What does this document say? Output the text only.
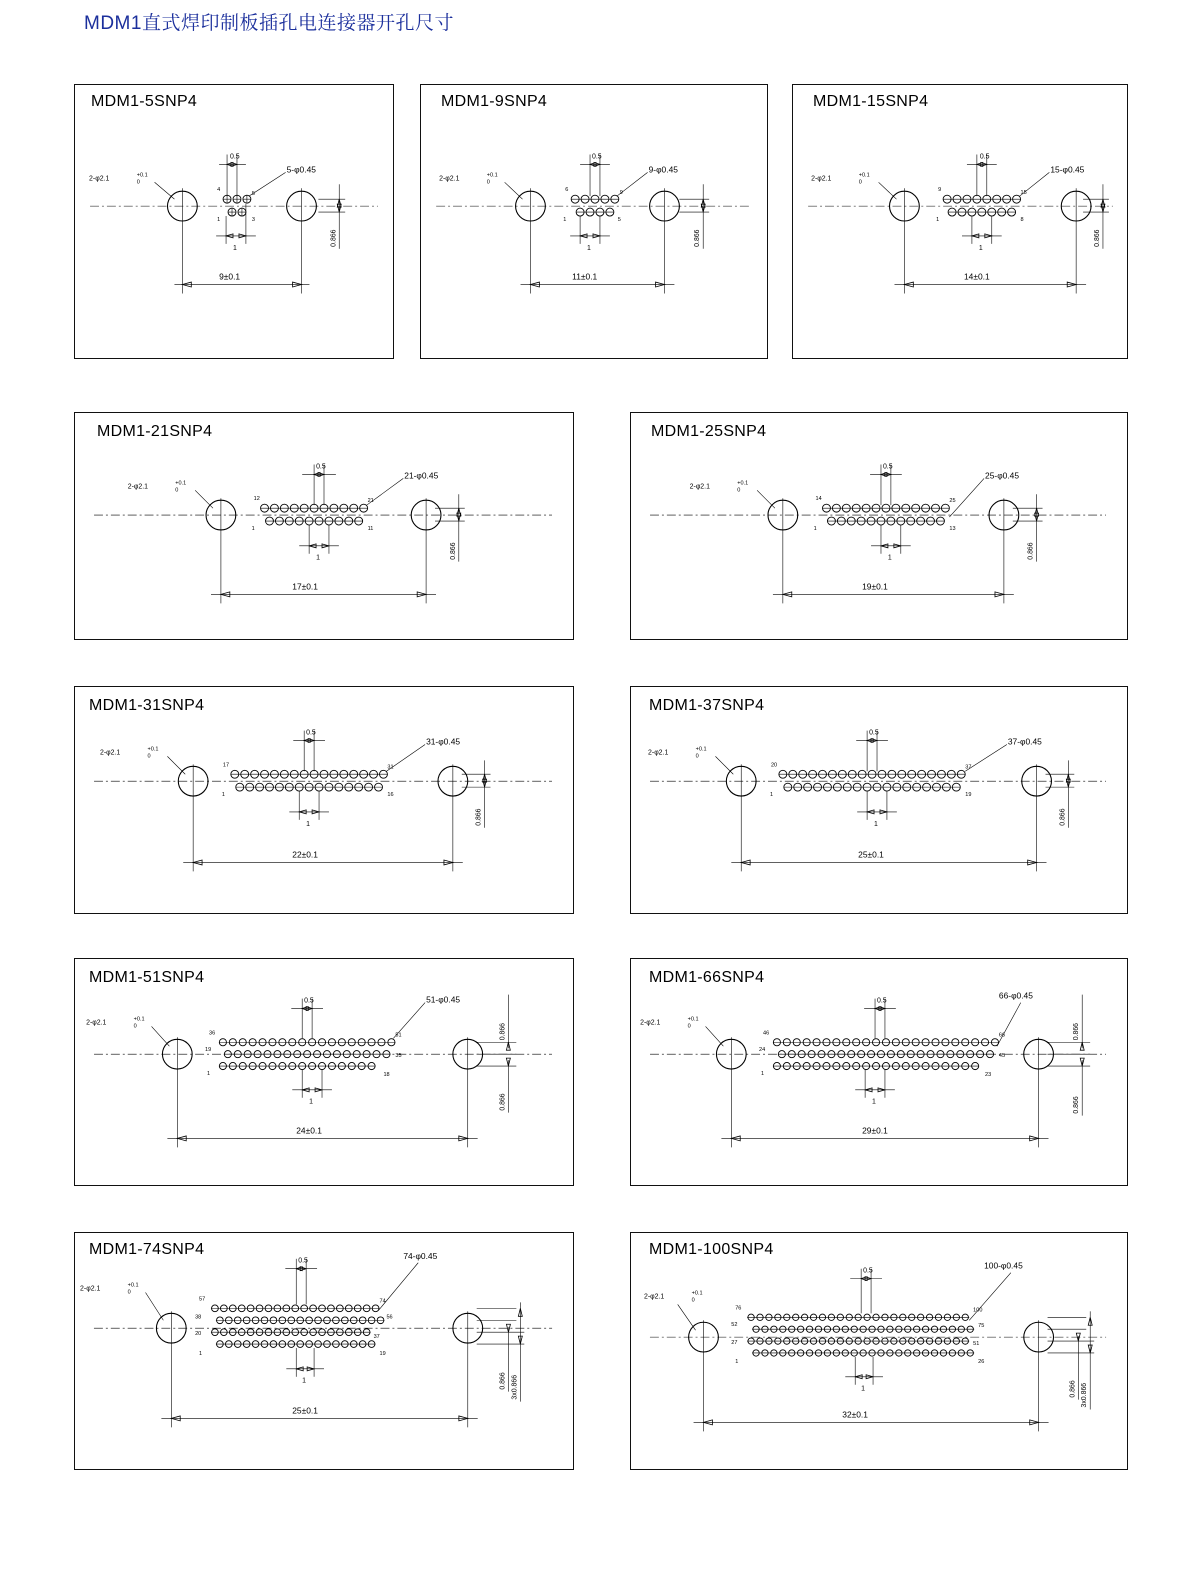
MDM1直式焊印制板插孔电连接器开孔尺寸
MDM1-5SNP4
4
5
1	3
0.5
1
5-φ0.45
2-φ2.1	+0.1
0
0.866
9±0.1
MDM1-9SNP4
6	9
1	5
0.5
1
9-φ0.45
2-φ2.1	+0.1
0
0.866
11±0.1
MDM1-15SNP4
9	15
1	8
0.5
1
15-φ0.45
2-φ2.1	+0.1
0
0.866
14±0.1
MDM1-21SNP4
12	21
1	11
0.5
1
21-φ0.45
2-φ2.1	+0.1
0
0.866
17±0.1
MDM1-25SNP4
14	25
1	13
0.5
1
25-φ0.45
2-φ2.1	+0.1
0
0.866
19±0.1
MDM1-31SNP4
17	31
1	16
0.5
1
31-φ0.45
2-φ2.1	+0.1
0
0.866
22±0.1
MDM1-37SNP4
20	37
1	19
0.5
1
37-φ0.45
2-φ2.1	+0.1
0
0.866
25±0.1
MDM1-51SNP4
36
19
1
51
35
18
0.5
1
51-φ0.45
2-φ2.1	+0.1
0	0.866
0.866
24±0.1
MDM1-66SNP4
46
24
1
66
45
23
0.5
1
66-φ0.45
2-φ2.1	+0.1
0	0.866
0.866
29±0.1
MDM1-74SNP4
57
38
20
1
74
56
37
19
0.5
1
74-φ0.45
2-φ2.1	+0.1
0
0.866 3x0.866
25±0.1
MDM1-100SNP4
76
52
27
1
100
75
51
26
0.5
1
100-φ0.45
2-φ2.1	+0.1
0
0.866 3x0.866
32±0.1
